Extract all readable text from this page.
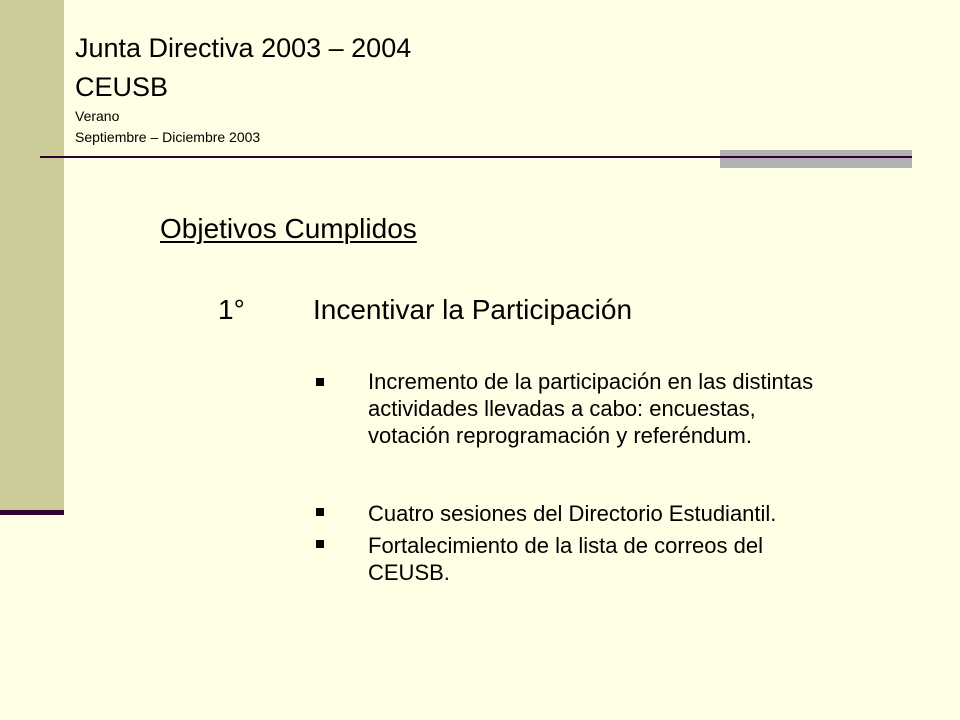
Junta Directiva 2003 – 2004
CEUSB
Verano
Septiembre – Diciembre 2003
Objetivos Cumplidos
1° Incentivar la Participación
Incremento de la participación en las distintas actividades llevadas a cabo: encuestas, votación reprogramación y referéndum.
Cuatro sesiones del Directorio Estudiantil.
Fortalecimiento de la lista de correos del CEUSB.
